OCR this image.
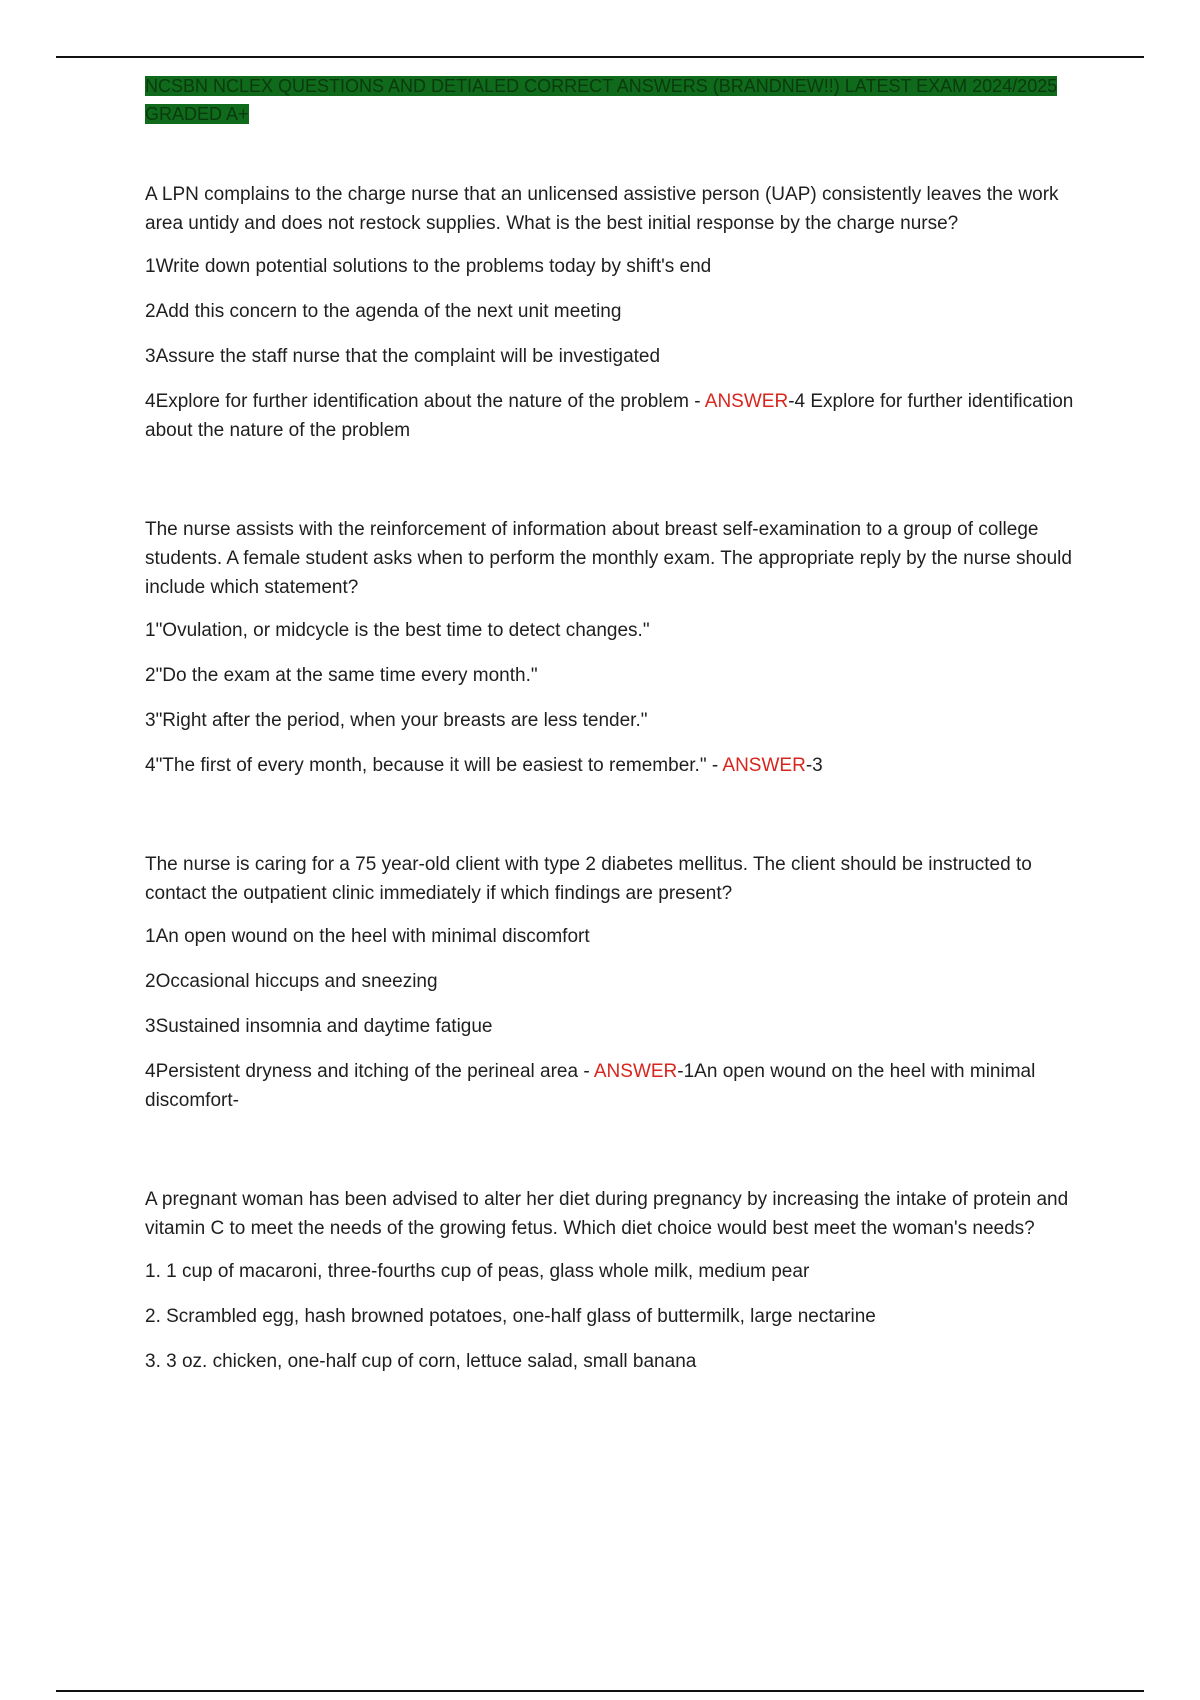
NCSBN NCLEX QUESTIONS AND DETIALED CORRECT ANSWERS (BRANDNEW!!) LATEST EXAM 2024/2025 GRADED A+

A LPN complains to the charge nurse that an unlicensed assistive person (UAP) consistently leaves the work area untidy and does not restock supplies. What is the best initial response by the charge nurse?

1Write down potential solutions to the problems today by shift's end

2Add this concern to the agenda of the next unit meeting

3Assure the staff nurse that the complaint will be investigated

4Explore for further identification about the nature of the problem - ANSWER-4 Explore for further identification about the nature of the problem

The nurse assists with the reinforcement of information about breast self-examination to a group of college students. A female student asks when to perform the monthly exam. The appropriate reply by the nurse should include which statement?

1"Ovulation, or midcycle is the best time to detect changes."

2"Do the exam at the same time every month."

3"Right after the period, when your breasts are less tender."

4"The first of every month, because it will be easiest to remember." - ANSWER-3

The nurse is caring for a 75 year-old client with type 2 diabetes mellitus. The client should be instructed to contact the outpatient clinic immediately if which findings are present?

1An open wound on the heel with minimal discomfort

2Occasional hiccups and sneezing

3Sustained insomnia and daytime fatigue

4Persistent dryness and itching of the perineal area - ANSWER-1An open wound on the heel with minimal discomfort-

A pregnant woman has been advised to alter her diet during pregnancy by increasing the intake of protein and vitamin C to meet the needs of the growing fetus. Which diet choice would best meet the woman's needs?

1. 1 cup of macaroni, three-fourths cup of peas, glass whole milk, medium pear

2. Scrambled egg, hash browned potatoes, one-half glass of buttermilk, large nectarine

3. 3 oz. chicken, one-half cup of corn, lettuce salad, small banana
